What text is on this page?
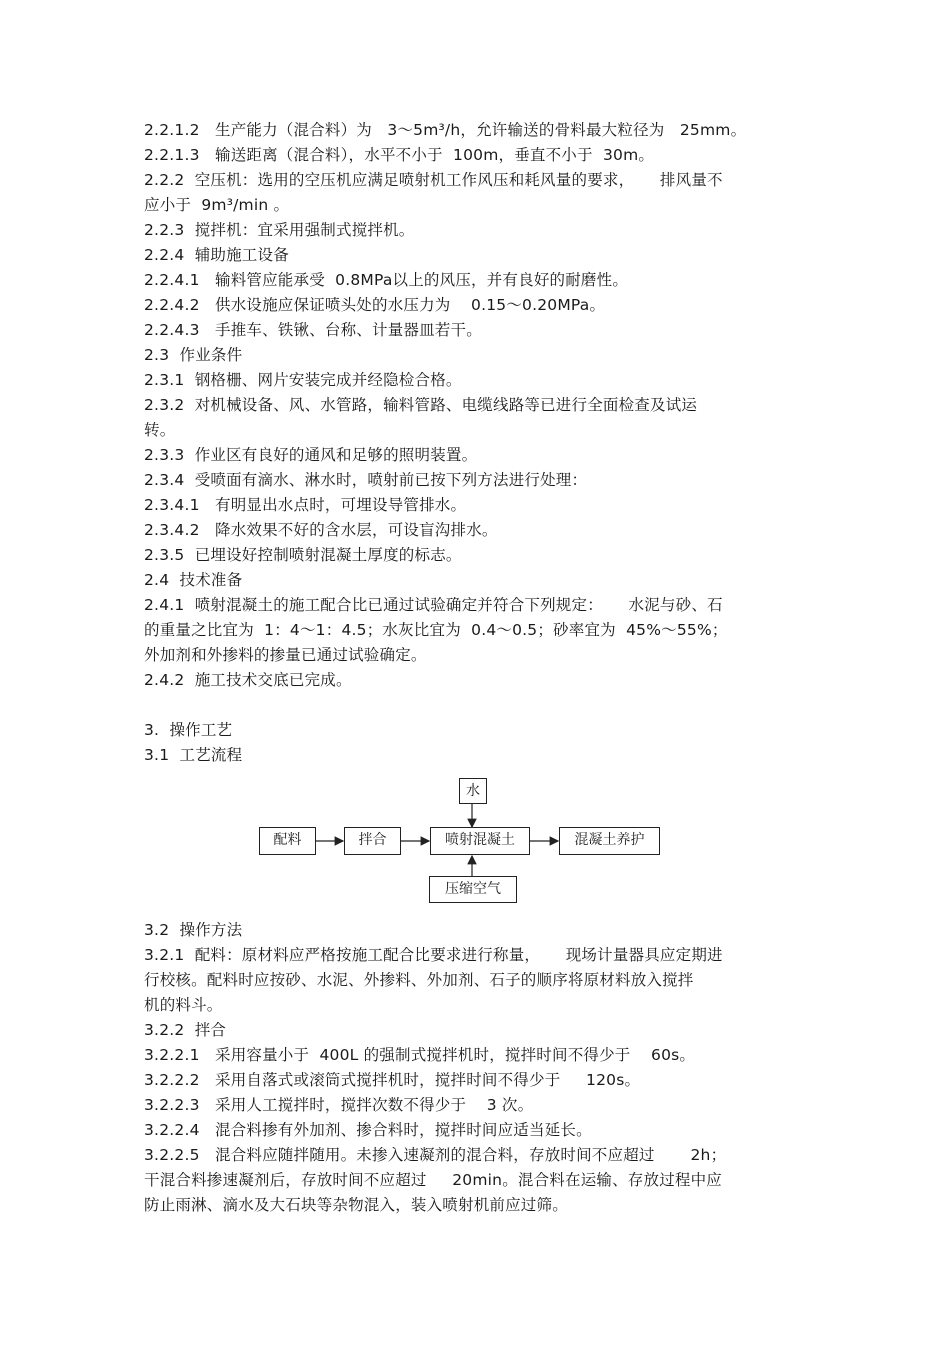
2.2.1.2   生产能力（混合料）为   3～5m³/h，允许输送的骨料最大粒径为   25mm。
2.2.1.3   输送距离（混合料），水平不小于  100m，垂直不小于  30m。
2.2.2  空压机：选用的空压机应满足喷射机工作风压和耗风量的要求，     排风量不
应小于  9m³/min 。
2.2.3  搅拌机：宜采用强制式搅拌机。
2.2.4  辅助施工设备
2.2.4.1   输料管应能承受  0.8MPa以上的风压，并有良好的耐磨性。
2.2.4.2   供水设施应保证喷头处的水压力为    0.15～0.20MPa。
2.2.4.3   手推车、铁锹、台称、计量器皿若干。
2.3  作业条件
2.3.1  钢格栅、网片安装完成并经隐检合格。
2.3.2  对机械设备、风、水管路，输料管路、电缆线路等已进行全面检查及试运
转。
2.3.3  作业区有良好的通风和足够的照明装置。
2.3.4  受喷面有滴水、淋水时，喷射前已按下列方法进行处理：
2.3.4.1   有明显出水点时，可埋设导管排水。
2.3.4.2   降水效果不好的含水层，可设盲沟排水。
2.3.5  已埋设好控制喷射混凝土厚度的标志。
2.4  技术准备
2.4.1  喷射混凝土的施工配合比已通过试验确定并符合下列规定：     水泥与砂、石
的重量之比宜为  1：4～1：4.5；水灰比宜为  0.4～0.5；砂率宜为  45%～55%；
外加剂和外掺料的掺量已通过试验确定。
2.4.2  施工技术交底已完成。
3.  操作工艺
3.1  工艺流程
水
配料	拌合	喷射混凝土	混凝土养护
压缩空气
3.2  操作方法
3.2.1  配料：原材料应严格按施工配合比要求进行称量，     现场计量器具应定期进
行校核。配料时应按砂、水泥、外掺料、外加剂、石子的顺序将原材料放入搅拌
机的料斗。
3.2.2  拌合
3.2.2.1   采用容量小于  400L 的强制式搅拌机时，搅拌时间不得少于    60s。
3.2.2.2   采用自落式或滚筒式搅拌机时，搅拌时间不得少于     120s。
3.2.2.3   采用人工搅拌时，搅拌次数不得少于    3 次。
3.2.2.4   混合料掺有外加剂、掺合料时，搅拌时间应适当延长。
3.2.2.5   混合料应随拌随用。未掺入速凝剂的混合料，存放时间不应超过       2h；
干混合料掺速凝剂后，存放时间不应超过     20min。混合料在运输、存放过程中应
防止雨淋、滴水及大石块等杂物混入，装入喷射机前应过筛。
